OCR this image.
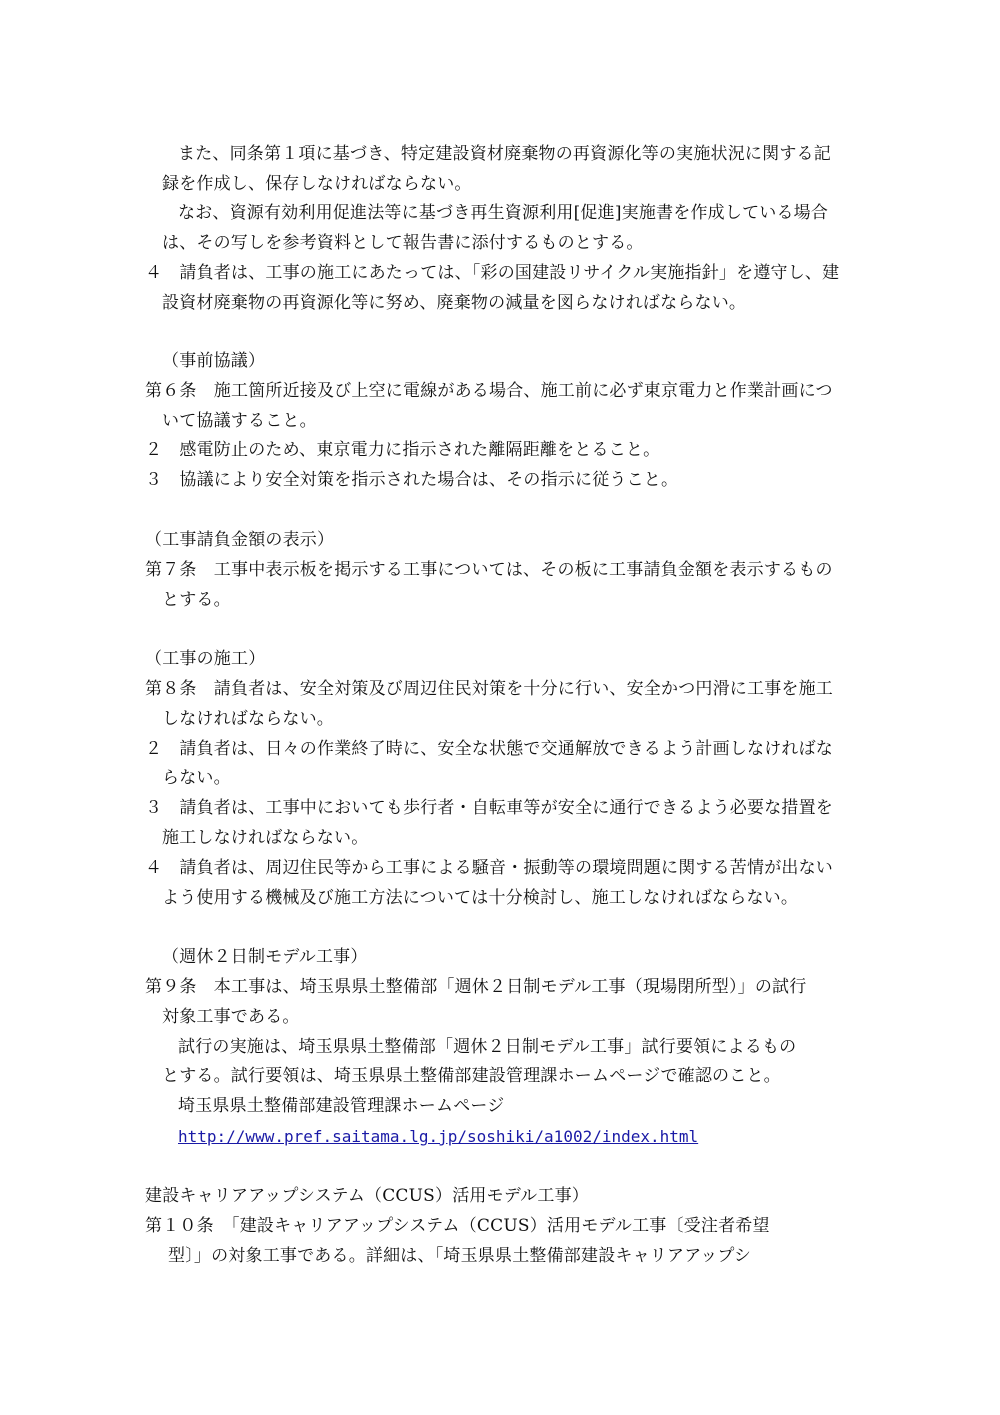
また、同条第１項に基づき、特定建設資材廃棄物の再資源化等の実施状況に関する記
録を作成し、保存しなければならない。
なお、資源有効利用促進法等に基づき再生資源利用[促進]実施書を作成している場合
は、その写しを参考資料として報告書に添付するものとする。
４　請負者は、工事の施工にあたっては、「彩の国建設リサイクル実施指針」を遵守し、建
設資材廃棄物の再資源化等に努め、廃棄物の減量を図らなければならない。
（事前協議）
第６条　施工箇所近接及び上空に電線がある場合、施工前に必ず東京電力と作業計画につ
いて協議すること。
２　感電防止のため、東京電力に指示された離隔距離をとること。
３　協議により安全対策を指示された場合は、その指示に従うこと。
（工事請負金額の表示）
第７条　工事中表示板を掲示する工事については、その板に工事請負金額を表示するもの
とする。
（工事の施工）
第８条　請負者は、安全対策及び周辺住民対策を十分に行い、安全かつ円滑に工事を施工
しなければならない。
２　請負者は、日々の作業終了時に、安全な状態で交通解放できるよう計画しなければな
らない。
３　請負者は、工事中においても歩行者・自転車等が安全に通行できるよう必要な措置を
施工しなければならない。
４　請負者は、周辺住民等から工事による騒音・振動等の環境問題に関する苦情が出ない
よう使用する機械及び施工方法については十分検討し、施工しなければならない。
（週休２日制モデル工事）
第９条　本工事は、埼玉県県土整備部「週休２日制モデル工事（現場閉所型）」の試行
対象工事である。
試行の実施は、埼玉県県土整備部「週休２日制モデル工事」試行要領によるもの
とする。試行要領は、埼玉県県土整備部建設管理課ホームページで確認のこと。
埼玉県県土整備部建設管理課ホームページ
http://www.pref.saitama.lg.jp/soshiki/a1002/index.html
建設キャリアアップシステム（CCUS）活用モデル工事）
第１０条　「建設キャリアアップシステム（CCUS）活用モデル工事〔受注者希望
型〕」の対象工事である。詳細は、「埼玉県県土整備部建設キャリアアップシ
